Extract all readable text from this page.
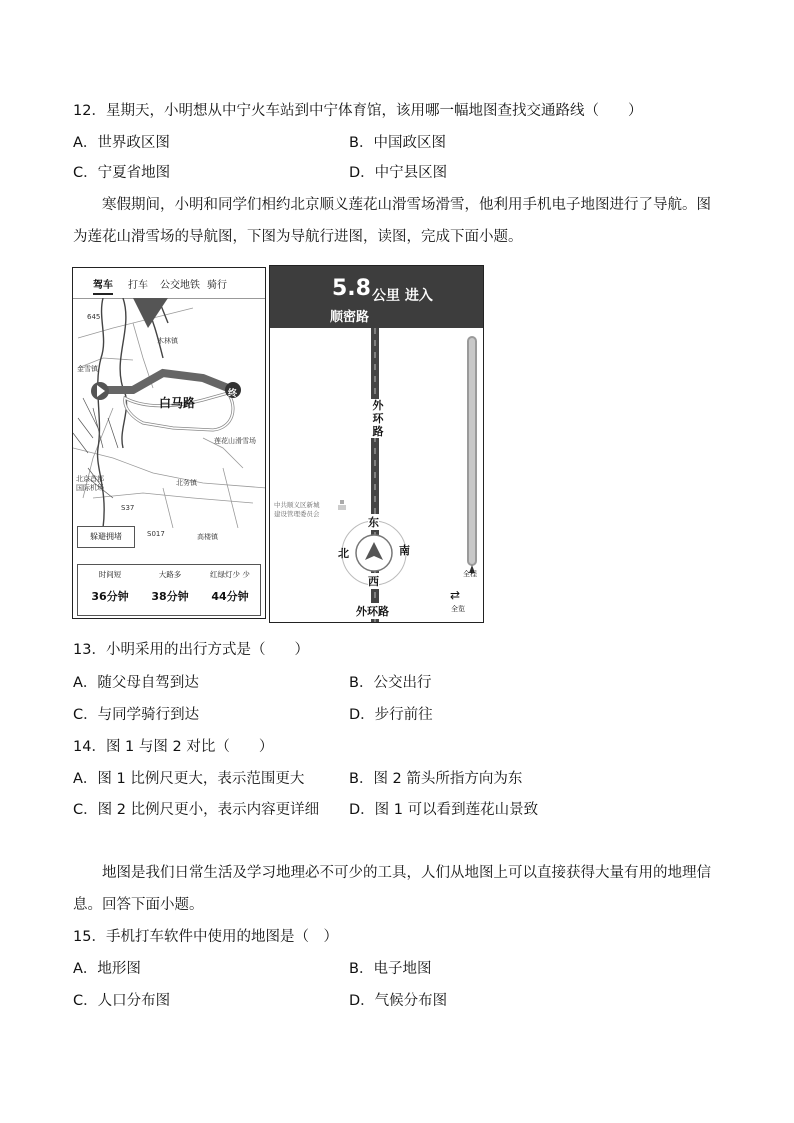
12．星期天，小明想从中宁火车站到中宁体育馆，该用哪一幅地图查找交通路线（　　）
A．世界政区图	B．中国政区图
C．宁夏省地图	D．中宁县区图
寒假期间，小明和同学们相约北京顺义莲花山滑雪场滑雪，他利用手机电子地图进行了导航。图为莲花山滑雪场的导航图，下图为导航行进图，读图，完成下面小题。
驾车 打车 公交地铁 骑行
645
木林镇
金雪镇
白马路
终
莲花山滑雪场
北务镇
北京首都国际机场
S37
高楼镇
S017
躲避拥堵
时间短
36分钟
大路多
38分钟
红绿灯少 少
44分钟
5.8 公里 进入
顺密路
外
环
路
中共顺义区新城
建设管理委员会
东
北	南
西
外环路
全程
⇄
全览
13．小明采用的出行方式是（　　）
A．随父母自驾到达	B．公交出行
C．与同学骑行到达	D．步行前往
14．图 1 与图 2 对比（　　）
A．图 1 比例尺更大，表示范围更大	B．图 2 箭头所指方向为东
C．图 2 比例尺更小，表示内容更详细 D．图 1 可以看到莲花山景致
地图是我们日常生活及学习地理必不可少的工具，人们从地图上可以直接获得大量有用的地理信息。回答下面小题。
15．手机打车软件中使用的地图是（　）
A．地形图	B．电子地图
C．人口分布图	D．气候分布图
